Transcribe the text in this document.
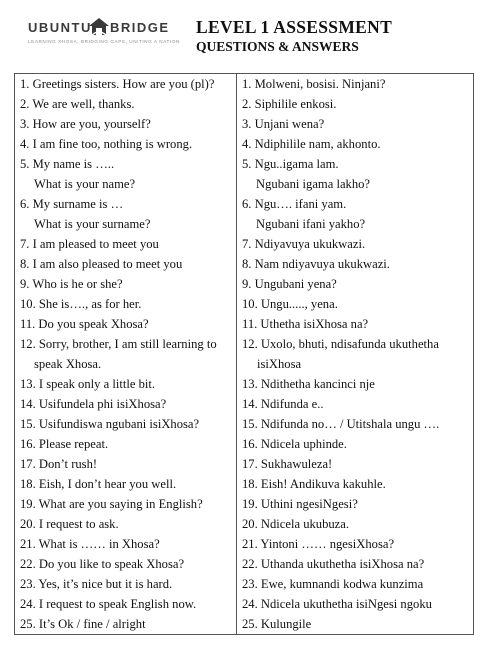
UBUNTU BRIDGE
LEARNING XHOSA, BRIDGING GAPS, UNITING A NATION
LEVEL 1 ASSESSMENT
QUESTIONS & ANSWERS
1. Greetings sisters. How are you (pl)?	1. Molweni, bosisi. Ninjani?
2. We are well, thanks.	2. Siphilile enkosi.
3. How are you, yourself?	3. Unjani wena?
4. I am fine too, nothing is wrong.	4. Ndiphilile nam, akhonto.
5. My name is …..	5. Ngu..igama lam.
What is your name?	Ngubani igama lakho?
6. My surname is …	6. Ngu…. ifani yam.
What is your surname?	Ngubani ifani yakho?
7. I am pleased to meet you	7. Ndiyavuya ukukwazi.
8. I am also pleased to meet you	8. Nam ndiyavuya ukukwazi.
9. Who is he or she?	9. Ungubani yena?
10. She is…., as for her.	10. Ungu....., yena.
11. Do you speak Xhosa?	11. Uthetha isiXhosa na?
12. Sorry, brother, I am still learning to	12. Uxolo, bhuti, ndisafunda ukuthetha
speak Xhosa.	isiXhosa
13. I speak only a little bit.	13. Ndithetha kancinci nje
14. Usifundela phi isiXhosa?	14. Ndifunda e..
15. Usifundiswa ngubani isiXhosa?	15. Ndifunda no… / Utitshala ungu ….
16. Please repeat.	16. Ndicela uphinde.
17. Don’t rush!	17. Sukhawuleza!
18. Eish, I don’t hear you well.	18. Eish! Andikuva kakuhle.
19. What are you saying in English?	19. Uthini ngesiNgesi?
20. I request to ask.	20. Ndicela ukubuza.
21. What is …… in Xhosa?	21. Yintoni …… ngesiXhosa?
22. Do you like to speak Xhosa?	22. Uthanda ukuthetha isiXhosa na?
23. Yes, it’s nice but it is hard.	23. Ewe, kumnandi kodwa kunzima
24. I request to speak English now.	24. Ndicela ukuthetha isiNgesi ngoku
25. It’s Ok / fine / alright	25. Kulungile
